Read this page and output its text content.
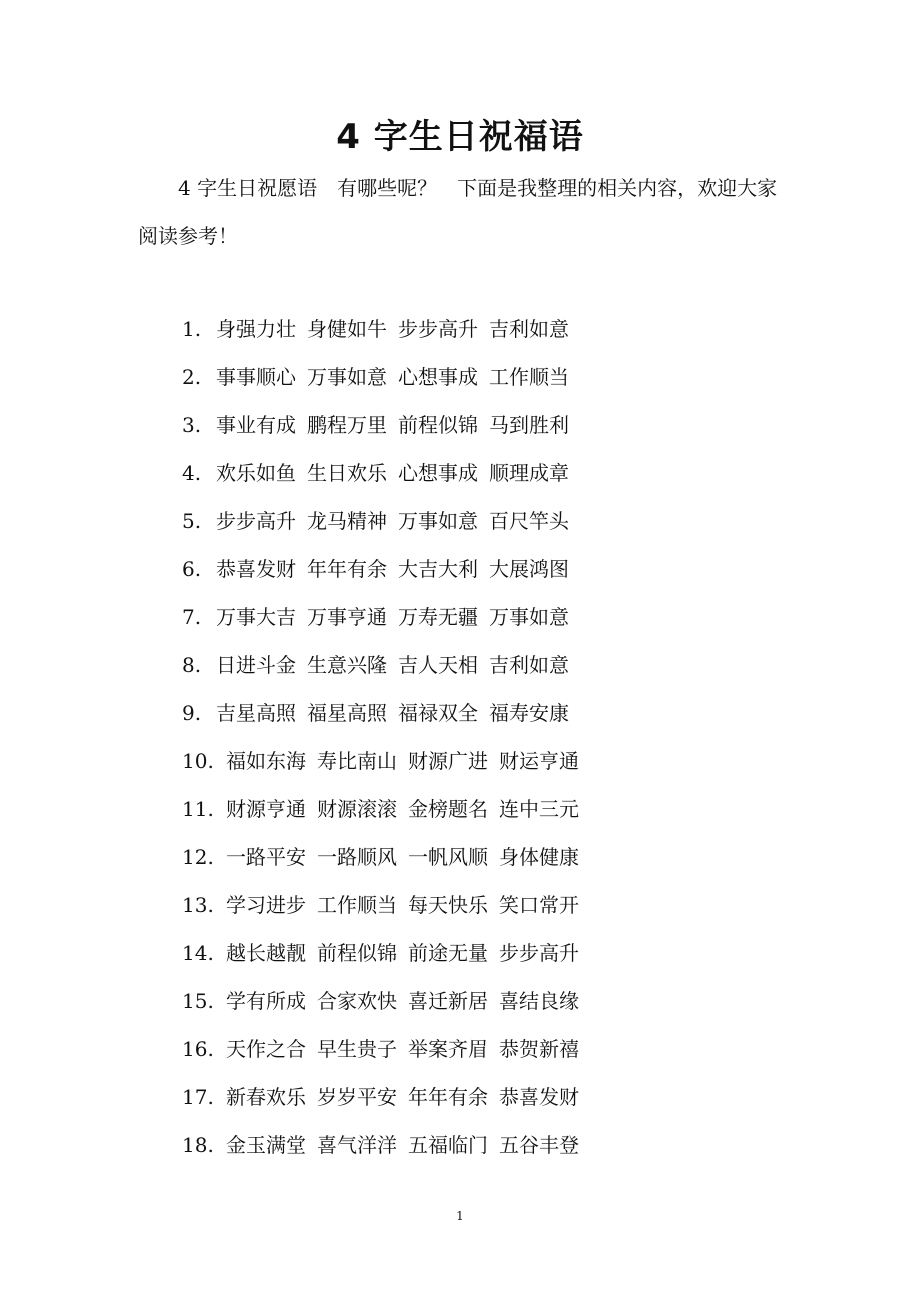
4 字生日祝福语

4 字生日祝愿语　有哪些呢？　下面是我整理的相关内容，欢迎大家阅读参考！

1. 身强力壮 身健如牛 步步高升 吉利如意
2. 事事顺心 万事如意 心想事成 工作顺当
3. 事业有成 鹏程万里 前程似锦 马到胜利
4. 欢乐如鱼 生日欢乐 心想事成 顺理成章
5. 步步高升 龙马精神 万事如意 百尺竿头
6. 恭喜发财 年年有余 大吉大利 大展鸿图
7. 万事大吉 万事亨通 万寿无疆 万事如意
8. 日进斗金 生意兴隆 吉人天相 吉利如意
9. 吉星高照 福星高照 福禄双全 福寿安康
10. 福如东海 寿比南山 财源广进 财运亨通
11. 财源亨通 财源滚滚 金榜题名 连中三元
12. 一路平安 一路顺风 一帆风顺 身体健康
13. 学习进步 工作顺当 每天快乐 笑口常开
14. 越长越靓 前程似锦 前途无量 步步高升
15. 学有所成 合家欢快 喜迁新居 喜结良缘
16. 天作之合 早生贵子 举案齐眉 恭贺新禧
17. 新春欢乐 岁岁平安 年年有余 恭喜发财
18. 金玉满堂 喜气洋洋 五福临门 五谷丰登
1
